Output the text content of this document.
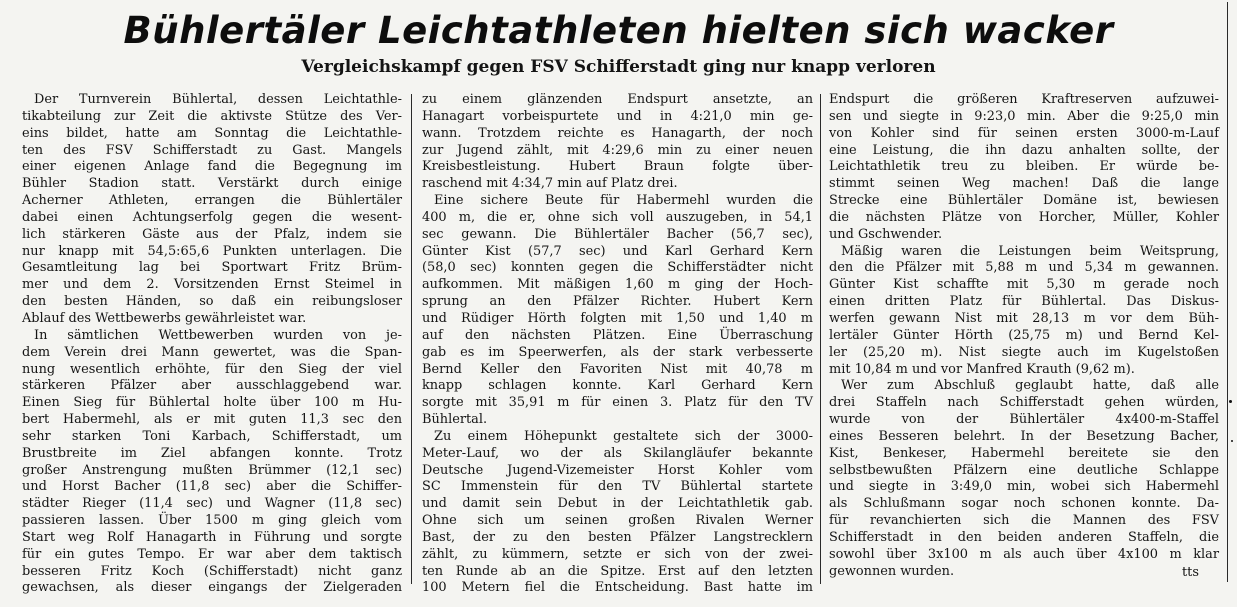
Bühlertäler Leichtathleten hielten sich wacker
Vergleichskampf gegen FSV Schifferstadt ging nur knapp verloren
Der Turnverein Bühlertal, dessen Leichtathle-
tikabteilung zur Zeit die aktivste Stütze des Ver-
eins bildet, hatte am Sonntag die Leichtathle-
ten des FSV Schifferstadt zu Gast. Mangels
einer eigenen Anlage fand die Begegnung im
Bühler Stadion statt. Verstärkt durch einige
Acherner Athleten, errangen die Bühlertäler
dabei einen Achtungserfolg gegen die wesent-
lich stärkeren Gäste aus der Pfalz, indem sie
nur knapp mit 54,5:65,6 Punkten unterlagen. Die
Gesamtleitung lag bei Sportwart Fritz Brüm-
mer und dem 2. Vorsitzenden Ernst Steimel in
den besten Händen, so daß ein reibungsloser
Ablauf des Wettbewerbs gewährleistet war.
In sämtlichen Wettbewerben wurden von je-
dem Verein drei Mann gewertet, was die Span-
nung wesentlich erhöhte, für den Sieg der viel
stärkeren Pfälzer aber ausschlaggebend war.
Einen Sieg für Bühlertal holte über 100 m Hu-
bert Habermehl, als er mit guten 11,3 sec den
sehr starken Toni Karbach, Schifferstadt, um
Brustbreite im Ziel abfangen konnte. Trotz
großer Anstrengung mußten Brümmer (12,1 sec)
und Horst Bacher (11,8 sec) aber die Schiffer-
städter Rieger (11,4 sec) und Wagner (11,8 sec)
passieren lassen. Über 1500 m ging gleich vom
Start weg Rolf Hanagarth in Führung und sorgte
für ein gutes Tempo. Er war aber dem taktisch
besseren Fritz Koch (Schifferstadt) nicht ganz
gewachsen, als dieser eingangs der Zielgeraden
zu einem glänzenden Endspurt ansetzte, an
Hanagart vorbeispurtete und in 4:21,0 min ge-
wann. Trotzdem reichte es Hanagarth, der noch
zur Jugend zählt, mit 4:29,6 min zu einer neuen
Kreisbestleistung. Hubert Braun folgte über-
raschend mit 4:34,7 min auf Platz drei.
Eine sichere Beute für Habermehl wurden die
400 m, die er, ohne sich voll auszugeben, in 54,1
sec gewann. Die Bühlertäler Bacher (56,7 sec),
Günter Kist (57,7 sec) und Karl Gerhard Kern
(58,0 sec) konnten gegen die Schifferstädter nicht
aufkommen. Mit mäßigen 1,60 m ging der Hoch-
sprung an den Pfälzer Richter. Hubert Kern
und Rüdiger Hörth folgten mit 1,50 und 1,40 m
auf den nächsten Plätzen. Eine Überraschung
gab es im Speerwerfen, als der stark verbesserte
Bernd Keller den Favoriten Nist mit 40,78 m
knapp schlagen konnte. Karl Gerhard Kern
sorgte mit 35,91 m für einen 3. Platz für den TV
Bühlertal.
Zu einem Höhepunkt gestaltete sich der 3000-
Meter-Lauf, wo der als Skilangläufer bekannte
Deutsche Jugend-Vizemeister Horst Kohler vom
SC Immenstein für den TV Bühlertal startete
und damit sein Debut in der Leichtathletik gab.
Ohne sich um seinen großen Rivalen Werner
Bast, der zu den besten Pfälzer Langstrecklern
zählt, zu kümmern, setzte er sich von der zwei-
ten Runde ab an die Spitze. Erst auf den letzten
100 Metern fiel die Entscheidung. Bast hatte im
Endspurt die größeren Kraftreserven aufzuwei-
sen und siegte in 9:23,0 min. Aber die 9:25,0 min
von Kohler sind für seinen ersten 3000-m-Lauf
eine Leistung, die ihn dazu anhalten sollte, der
Leichtathletik treu zu bleiben. Er würde be-
stimmt seinen Weg machen! Daß die lange
Strecke eine Bühlertäler Domäne ist, bewiesen
die nächsten Plätze von Horcher, Müller, Kohler
und Gschwender.
Mäßig waren die Leistungen beim Weitsprung,
den die Pfälzer mit 5,88 m und 5,34 m gewannen.
Günter Kist schaffte mit 5,30 m gerade noch
einen dritten Platz für Bühlertal. Das Diskus-
werfen gewann Nist mit 28,13 m vor dem Büh-
lertäler Günter Hörth (25,75 m) und Bernd Kel-
ler (25,20 m). Nist siegte auch im Kugelstoßen
mit 10,84 m und vor Manfred Krauth (9,62 m).
Wer zum Abschluß geglaubt hatte, daß alle
drei Staffeln nach Schifferstadt gehen würden,
wurde von der Bühlertäler 4x400-m-Staffel
eines Besseren belehrt. In der Besetzung Bacher,
Kist, Benkeser, Habermehl bereitete sie den
selbstbewußten Pfälzern eine deutliche Schlappe
und siegte in 3:49,0 min, wobei sich Habermehl
als Schlußmann sogar noch schonen konnte. Da-
für revanchierten sich die Mannen des FSV
Schifferstadt in den beiden anderen Staffeln, die
sowohl über 3x100 m als auch über 4x100 m klar
gewonnen wurden.	tts
